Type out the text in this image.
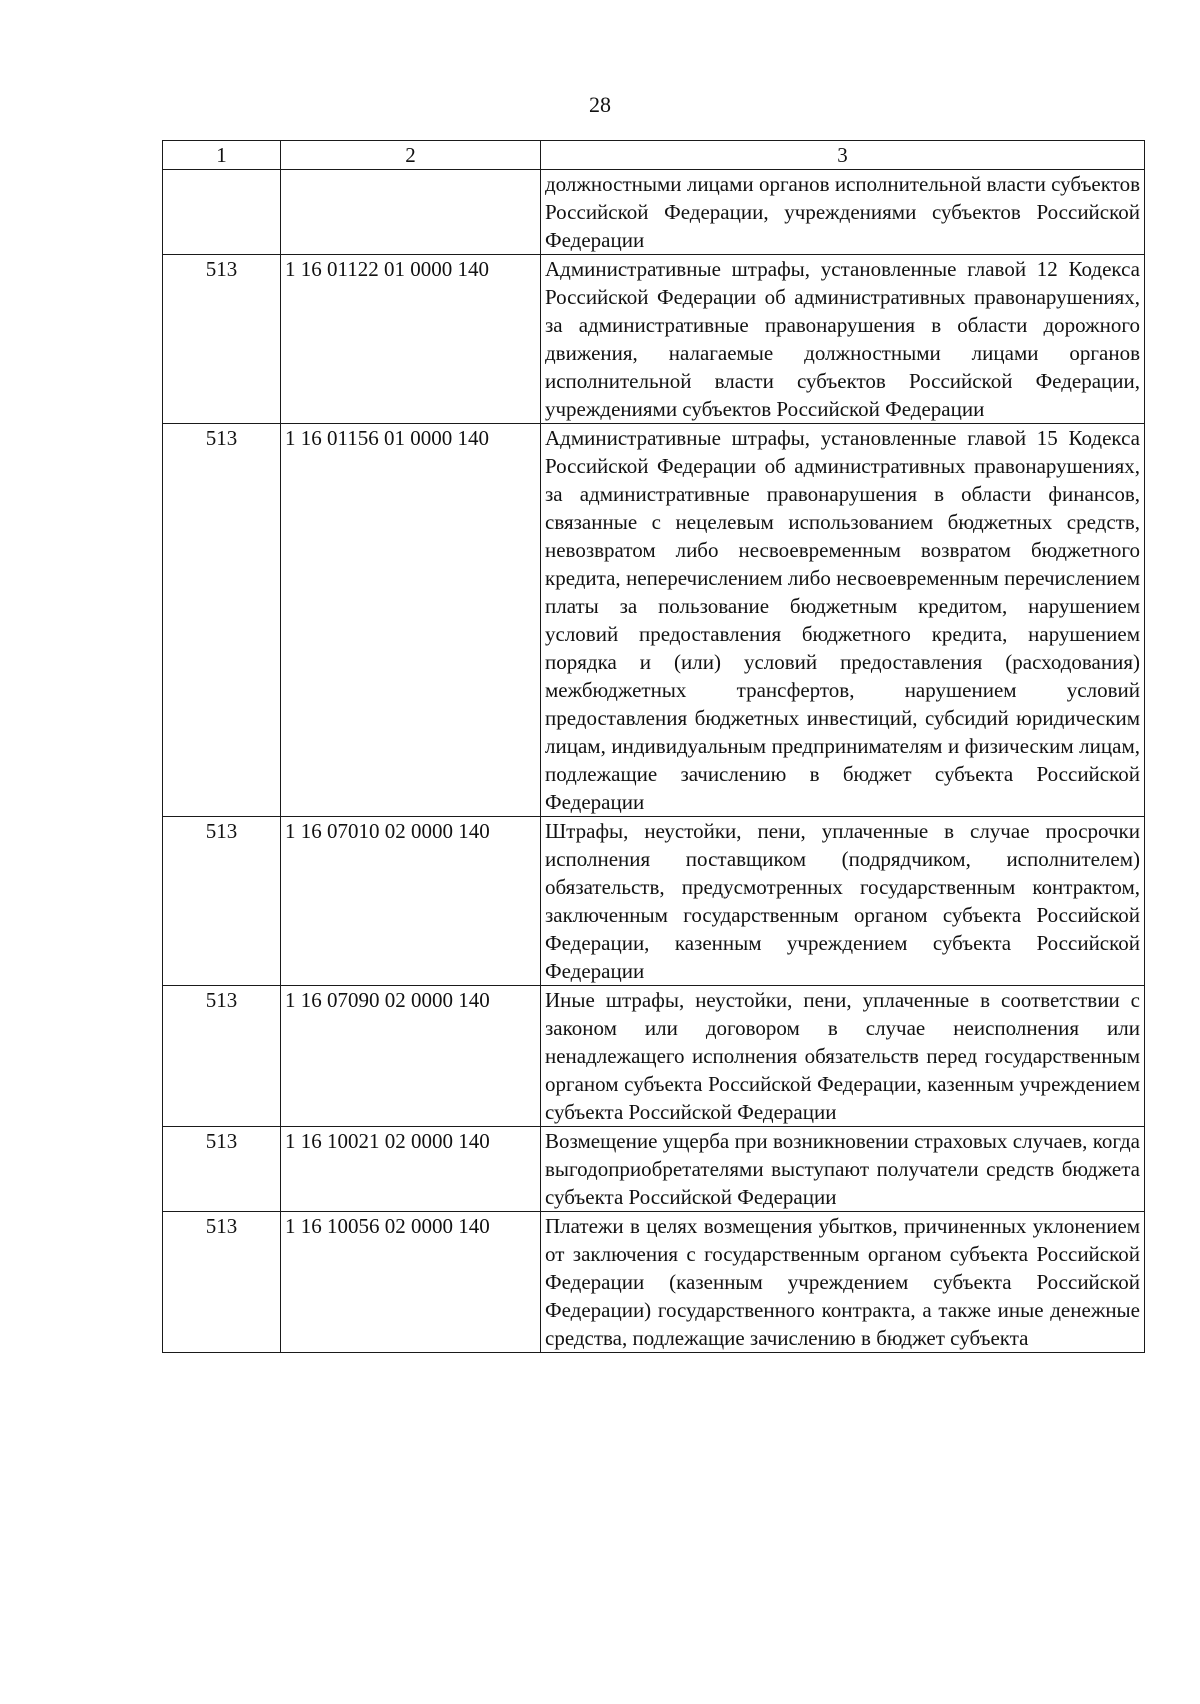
28
1	2	3
		должностными лицами органов исполнительной власти субъектов Российской Федерации, учреждениями субъектов Российской Федерации
513	1 16 01122 01 0000 140	Административные штрафы, установленные главой 12 Кодекса Российской Федерации об административных правонарушениях, за административные правонарушения в области дорожного движения, налагаемые должностными лицами органов исполнительной власти субъектов Российской Федерации, учреждениями субъектов Российской Федерации
513	1 16 01156 01 0000 140	Административные штрафы, установленные главой 15 Кодекса Российской Федерации об административных правонарушениях, за административные правонарушения в области финансов, связанные с нецелевым использованием бюджетных средств, невозвратом либо несвоевременным возвратом бюджетного кредита, неперечислением либо несвоевременным перечислением платы за пользование бюджетным кредитом, нарушением условий предоставления бюджетного кредита, нарушением порядка и (или) условий предоставления (расходования) межбюджетных трансфертов, нарушением условий предоставления бюджетных инвестиций, субсидий юридическим лицам, индивидуальным предпринимателям и физическим лицам, подлежащие зачислению в бюджет субъекта Российской Федерации
513	1 16 07010 02 0000 140	Штрафы, неустойки, пени, уплаченные в случае просрочки исполнения поставщиком (подрядчиком, исполнителем) обязательств, предусмотренных государственным контрактом, заключенным государственным органом субъекта Российской Федерации, казенным учреждением субъекта Российской Федерации
513	1 16 07090 02 0000 140	Иные штрафы, неустойки, пени, уплаченные в соответствии с законом или договором в случае неисполнения или ненадлежащего исполнения обязательств перед государственным органом субъекта Российской Федерации, казенным учреждением субъекта Российской Федерации
513	1 16 10021 02 0000 140	Возмещение ущерба при возникновении страховых случаев, когда выгодоприобретателями выступают получатели средств бюджета субъекта Российской Федерации
513	1 16 10056 02 0000 140	Платежи в целях возмещения убытков, причиненных уклонением от заключения с государственным органом субъекта Российской Федерации (казенным учреждением субъекта Российской Федерации) государственного контракта, а также иные денежные средства, подлежащие зачислению в бюджет субъекта
